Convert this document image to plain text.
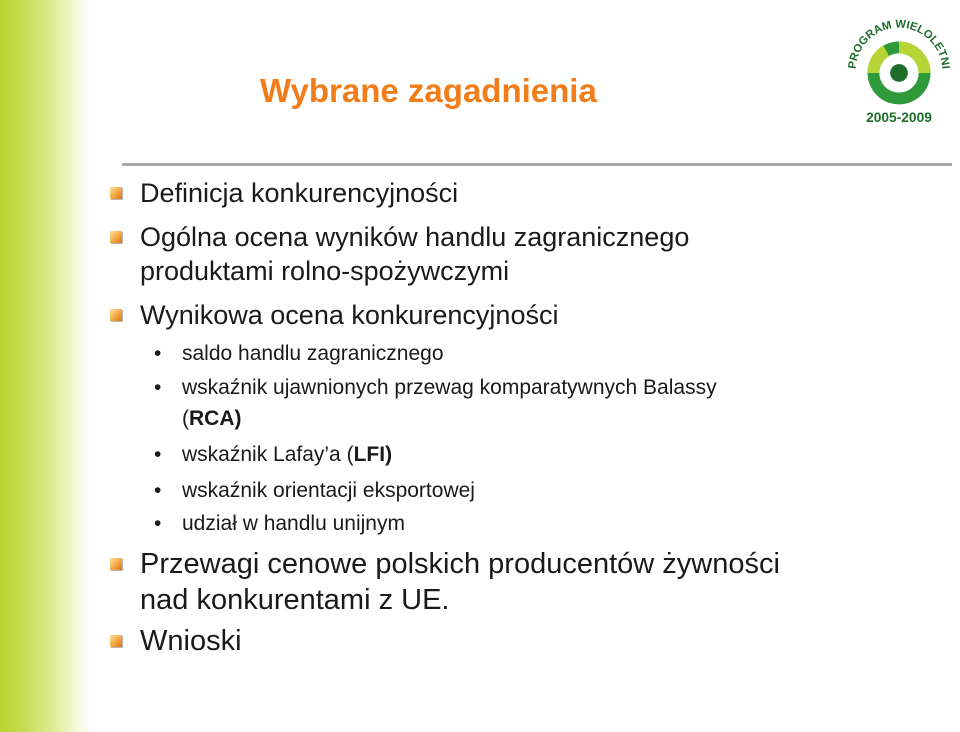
Wybrane zagadnienia
PROGRAM WIELOLETNI
2005-2009
Definicja konkurencyjności
Ogólna ocena wyników handlu zagranicznego
produktami rolno-spożywczymi
Wynikowa ocena konkurencyjności
• saldo handlu zagranicznego
• wskaźnik ujawnionych przewag komparatywnych Balassy
(RCA)
• wskaźnik Lafay’a (LFI)
• wskaźnik orientacji eksportowej
• udział w handlu unijnym
Przewagi cenowe polskich producentów żywności
nad konkurentami z UE.
Wnioski
